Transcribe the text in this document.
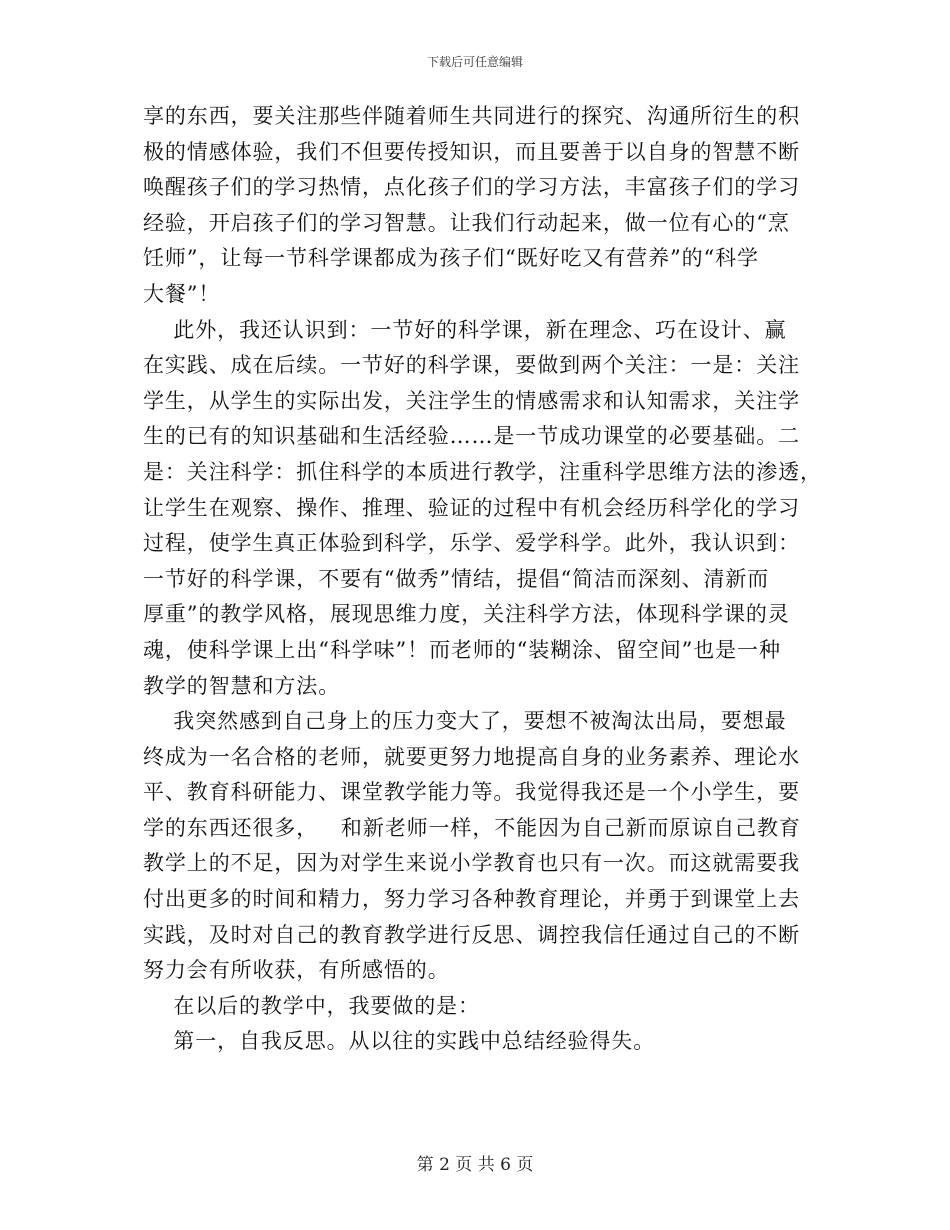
下载后可任意编辑
享的东西，要关注那些伴随着师生共同进行的探究、沟通所衍生的积
极的情感体验，我们不但要传授知识，而且要善于以自身的智慧不断
唤醒孩子们的学习热情，点化孩子们的学习方法，丰富孩子们的学习
经验，开启孩子们的学习智慧。让我们行动起来，做一位有心的“烹
饪师”，让每一节科学课都成为孩子们“既好吃又有营养”的“科学
大餐”！
此外，我还认识到：一节好的科学课，新在理念、巧在设计、赢
在实践、成在后续。一节好的科学课，要做到两个关注：一是：关注
学生，从学生的实际出发，关注学生的情感需求和认知需求，关注学
生的已有的知识基础和生活经验……是一节成功课堂的必要基础。二
是：关注科学：抓住科学的本质进行教学，注重科学思维方法的渗透，
让学生在观察、操作、推理、验证的过程中有机会经历科学化的学习
过程，使学生真正体验到科学，乐学、爱学科学。此外，我认识到：
一节好的科学课，不要有“做秀”情结，提倡“简洁而深刻、清新而
厚重”的教学风格，展现思维力度，关注科学方法，体现科学课的灵
魂，使科学课上出“科学味”！而老师的“装糊涂、留空间”也是一种
教学的智慧和方法。
我突然感到自己身上的压力变大了，要想不被淘汰出局，要想最
终成为一名合格的老师，就要更努力地提高自身的业务素养、理论水
平、教育科研能力、课堂教学能力等。我觉得我还是一个小学生，要
学的东西还很多，   和新老师一样，不能因为自己新而原谅自己教育
教学上的不足，因为对学生来说小学教育也只有一次。而这就需要我
付出更多的时间和精力，努力学习各种教育理论，并勇于到课堂上去
实践，及时对自己的教育教学进行反思、调控我信任通过自己的不断
努力会有所收获，有所感悟的。
在以后的教学中，我要做的是：
第一，自我反思。从以往的实践中总结经验得失。
第 2 页 共 6 页
